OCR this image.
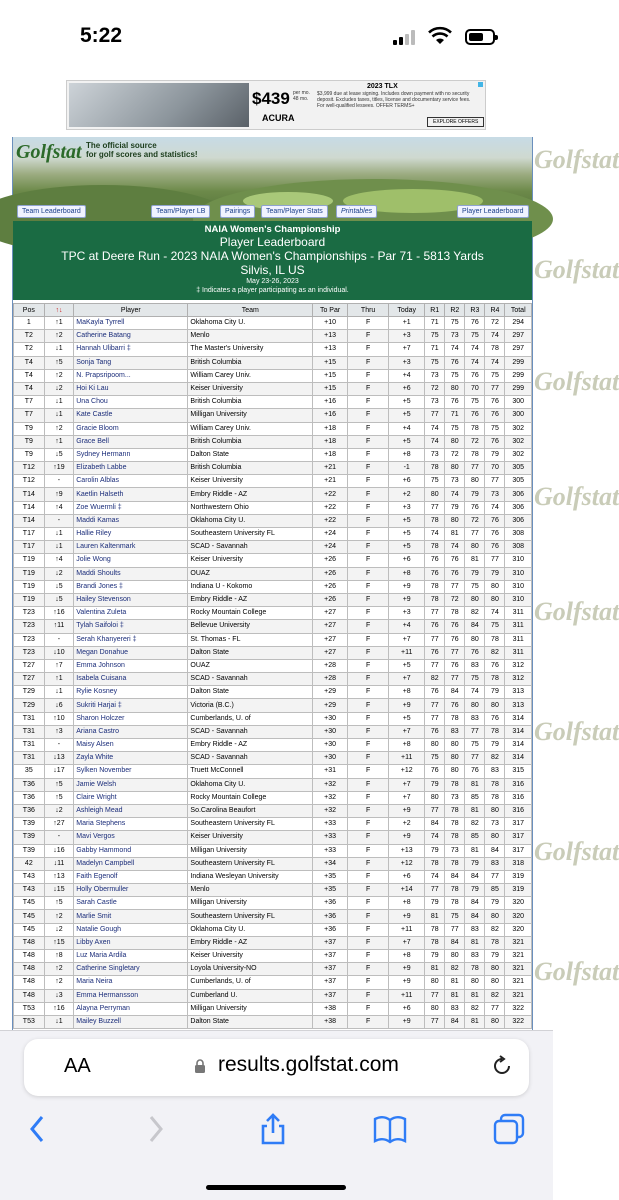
5:22
$439 per mo. 48 mo.
2023 TLX
$3,999 due at lease signing. Includes down payment with no security deposit. Excludes taxes, titles, license and documentary service fees. For well-qualified lessees. OFFER TERMS+
ACURA	EXPLORE OFFERS
Golfstat
Golfstat
Golfstat
Golfstat
Golfstat
Golfstat
Golfstat
Golfstat
Golfstat The official source
for golf scores and statistics!
Team Leaderboard	Team/Player LB	Pairings	Team/Player Stats	Printables	Player Leaderboard
NAIA Women's Championship
Player Leaderboard
TPC at Deere Run - 2023 NAIA Women's Championships - Par 71 - 5813 Yards
Silvis, IL US
May 23-26, 2023
‡ Indicates a player participating as an individual.
Pos	↑↓	Player	Team	To Par	Thru	Today	R1	R2	R3	R4	Total
1	↑1	MaKayla Tyrrell	Oklahoma City U.	+10	F	+1	71	75	76	72	294
T2	↑2	Catherine Batang	Menlo	+13	F	+3	75	73	75	74	297
T2	↓1	Hannah Ulibarri ‡	The Master's University	+13	F	+7	71	74	74	78	297
T4	↑5	Sonja Tang	British Columbia	+15	F	+3	75	76	74	74	299
T4	↑2	N. Prapsripoom...	William Carey Univ.	+15	F	+4	73	75	76	75	299
T4	↓2	Hoi Ki Lau	Keiser University	+15	F	+6	72	80	70	77	299
T7	↓1	Una Chou	British Columbia	+16	F	+5	73	76	75	76	300
T7	↓1	Kate Castle	Milligan University	+16	F	+5	77	71	76	76	300
T9	↑2	Gracie Bloom	William Carey Univ.	+18	F	+4	74	75	78	75	302
T9	↑1	Grace Bell	British Columbia	+18	F	+5	74	80	72	76	302
T9	↓5	Sydney Hermann	Dalton State	+18	F	+8	73	72	78	79	302
T12	↑19	Elizabeth Labbe	British Columbia	+21	F	-1	78	80	77	70	305
T12	-	Carolin Alblas	Keiser University	+21	F	+6	75	73	80	77	305
T14	↑9	Kaetlin Halseth	Embry Riddle - AZ	+22	F	+2	80	74	79	73	306
T14	↑4	Zoe Wuermli ‡	Northwestern Ohio	+22	F	+3	77	79	76	74	306
T14	-	Maddi Kamas	Oklahoma City U.	+22	F	+5	78	80	72	76	306
T17	↓1	Hallie Riley	Southeastern University FL	+24	F	+5	74	81	77	76	308
T17	↓1	Lauren Kaltenmark	SCAD - Savannah	+24	F	+5	78	74	80	76	308
T19	↑4	Jolie Wong	Keiser University	+26	F	+6	76	76	81	77	310
T19	↓2	Maddi Shoults	OUAZ	+26	F	+8	76	76	79	79	310
T19	↓5	Brandi Jones ‡	Indiana U - Kokomo	+26	F	+9	78	77	75	80	310
T19	↓5	Hailey Stevenson	Embry Riddle - AZ	+26	F	+9	78	72	80	80	310
T23	↑16	Valentina Zuleta	Rocky Mountain College	+27	F	+3	77	78	82	74	311
T23	↑11	Tylah Saifoloi ‡	Bellevue University	+27	F	+4	76	76	84	75	311
T23	-	Serah Khanyereri ‡	St. Thomas - FL	+27	F	+7	77	76	80	78	311
T23	↓10	Megan Donahue	Dalton State	+27	F	+11	76	77	76	82	311
T27	↑7	Emma Johnson	OUAZ	+28	F	+5	77	76	83	76	312
T27	↑1	Isabela Cuisana	SCAD - Savannah	+28	F	+7	82	77	75	78	312
T29	↓1	Rylie Kosney	Dalton State	+29	F	+8	76	84	74	79	313
T29	↓6	Sukriti Harjai ‡	Victoria (B.C.)	+29	F	+9	77	76	80	80	313
T31	↑10	Sharon Holczer	Cumberlands, U. of	+30	F	+5	77	78	83	76	314
T31	↑3	Ariana Castro	SCAD - Savannah	+30	F	+7	76	83	77	78	314
T31	-	Maisy Alsen	Embry Riddle - AZ	+30	F	+8	80	80	75	79	314
T31	↓13	Zayla White	SCAD - Savannah	+30	F	+11	75	80	77	82	314
35	↓17	Sylken November	Truett McConnell	+31	F	+12	76	80	76	83	315
T36	↑5	Jamie Welsh	Oklahoma City U.	+32	F	+7	79	78	81	78	316
T36	↑5	Claire Wright	Rocky Mountain College	+32	F	+7	80	73	85	78	316
T36	↓2	Ashleigh Mead	So.Carolina Beaufort	+32	F	+9	77	78	81	80	316
T39	↑27	Maria Stephens	Southeastern University FL	+33	F	+2	84	78	82	73	317
T39	-	Mavi Vergos	Keiser University	+33	F	+9	74	78	85	80	317
T39	↓16	Gabby Hammond	Milligan University	+33	F	+13	79	73	81	84	317
42	↓11	Madelyn Campbell	Southeastern University FL	+34	F	+12	78	78	79	83	318
T43	↑13	Faith Egenolf	Indiana Wesleyan University	+35	F	+6	74	84	84	77	319
T43	↓15	Holly Obermuller	Menlo	+35	F	+14	77	78	79	85	319
T45	↑5	Sarah Castle	Milligan University	+36	F	+8	79	78	84	79	320
T45	↑2	Marlie Smit	Southeastern University FL	+36	F	+9	81	75	84	80	320
T45	↓2	Natalie Gough	Oklahoma City U.	+36	F	+11	78	77	83	82	320
T48	↑15	Libby Axen	Embry Riddle - AZ	+37	F	+7	78	84	81	78	321
T48	↑8	Luz Maria Ardila	Keiser University	+37	F	+8	79	80	83	79	321
T48	↑2	Catherine Singletary	Loyola University-NO	+37	F	+9	81	82	78	80	321
T48	↑2	Maria Neira	Cumberlands, U. of	+37	F	+9	80	81	80	80	321
T48	↓3	Emma Hermansson	Cumberland U.	+37	F	+11	77	81	81	82	321
T53	↑16	Alayna Perryman	Milligan University	+38	F	+6	80	83	82	77	322
T53	↓1	Mailey Buzzell	Dalton State	+38	F	+9	77	84	81	80	322
AA	results.golfstat.com
